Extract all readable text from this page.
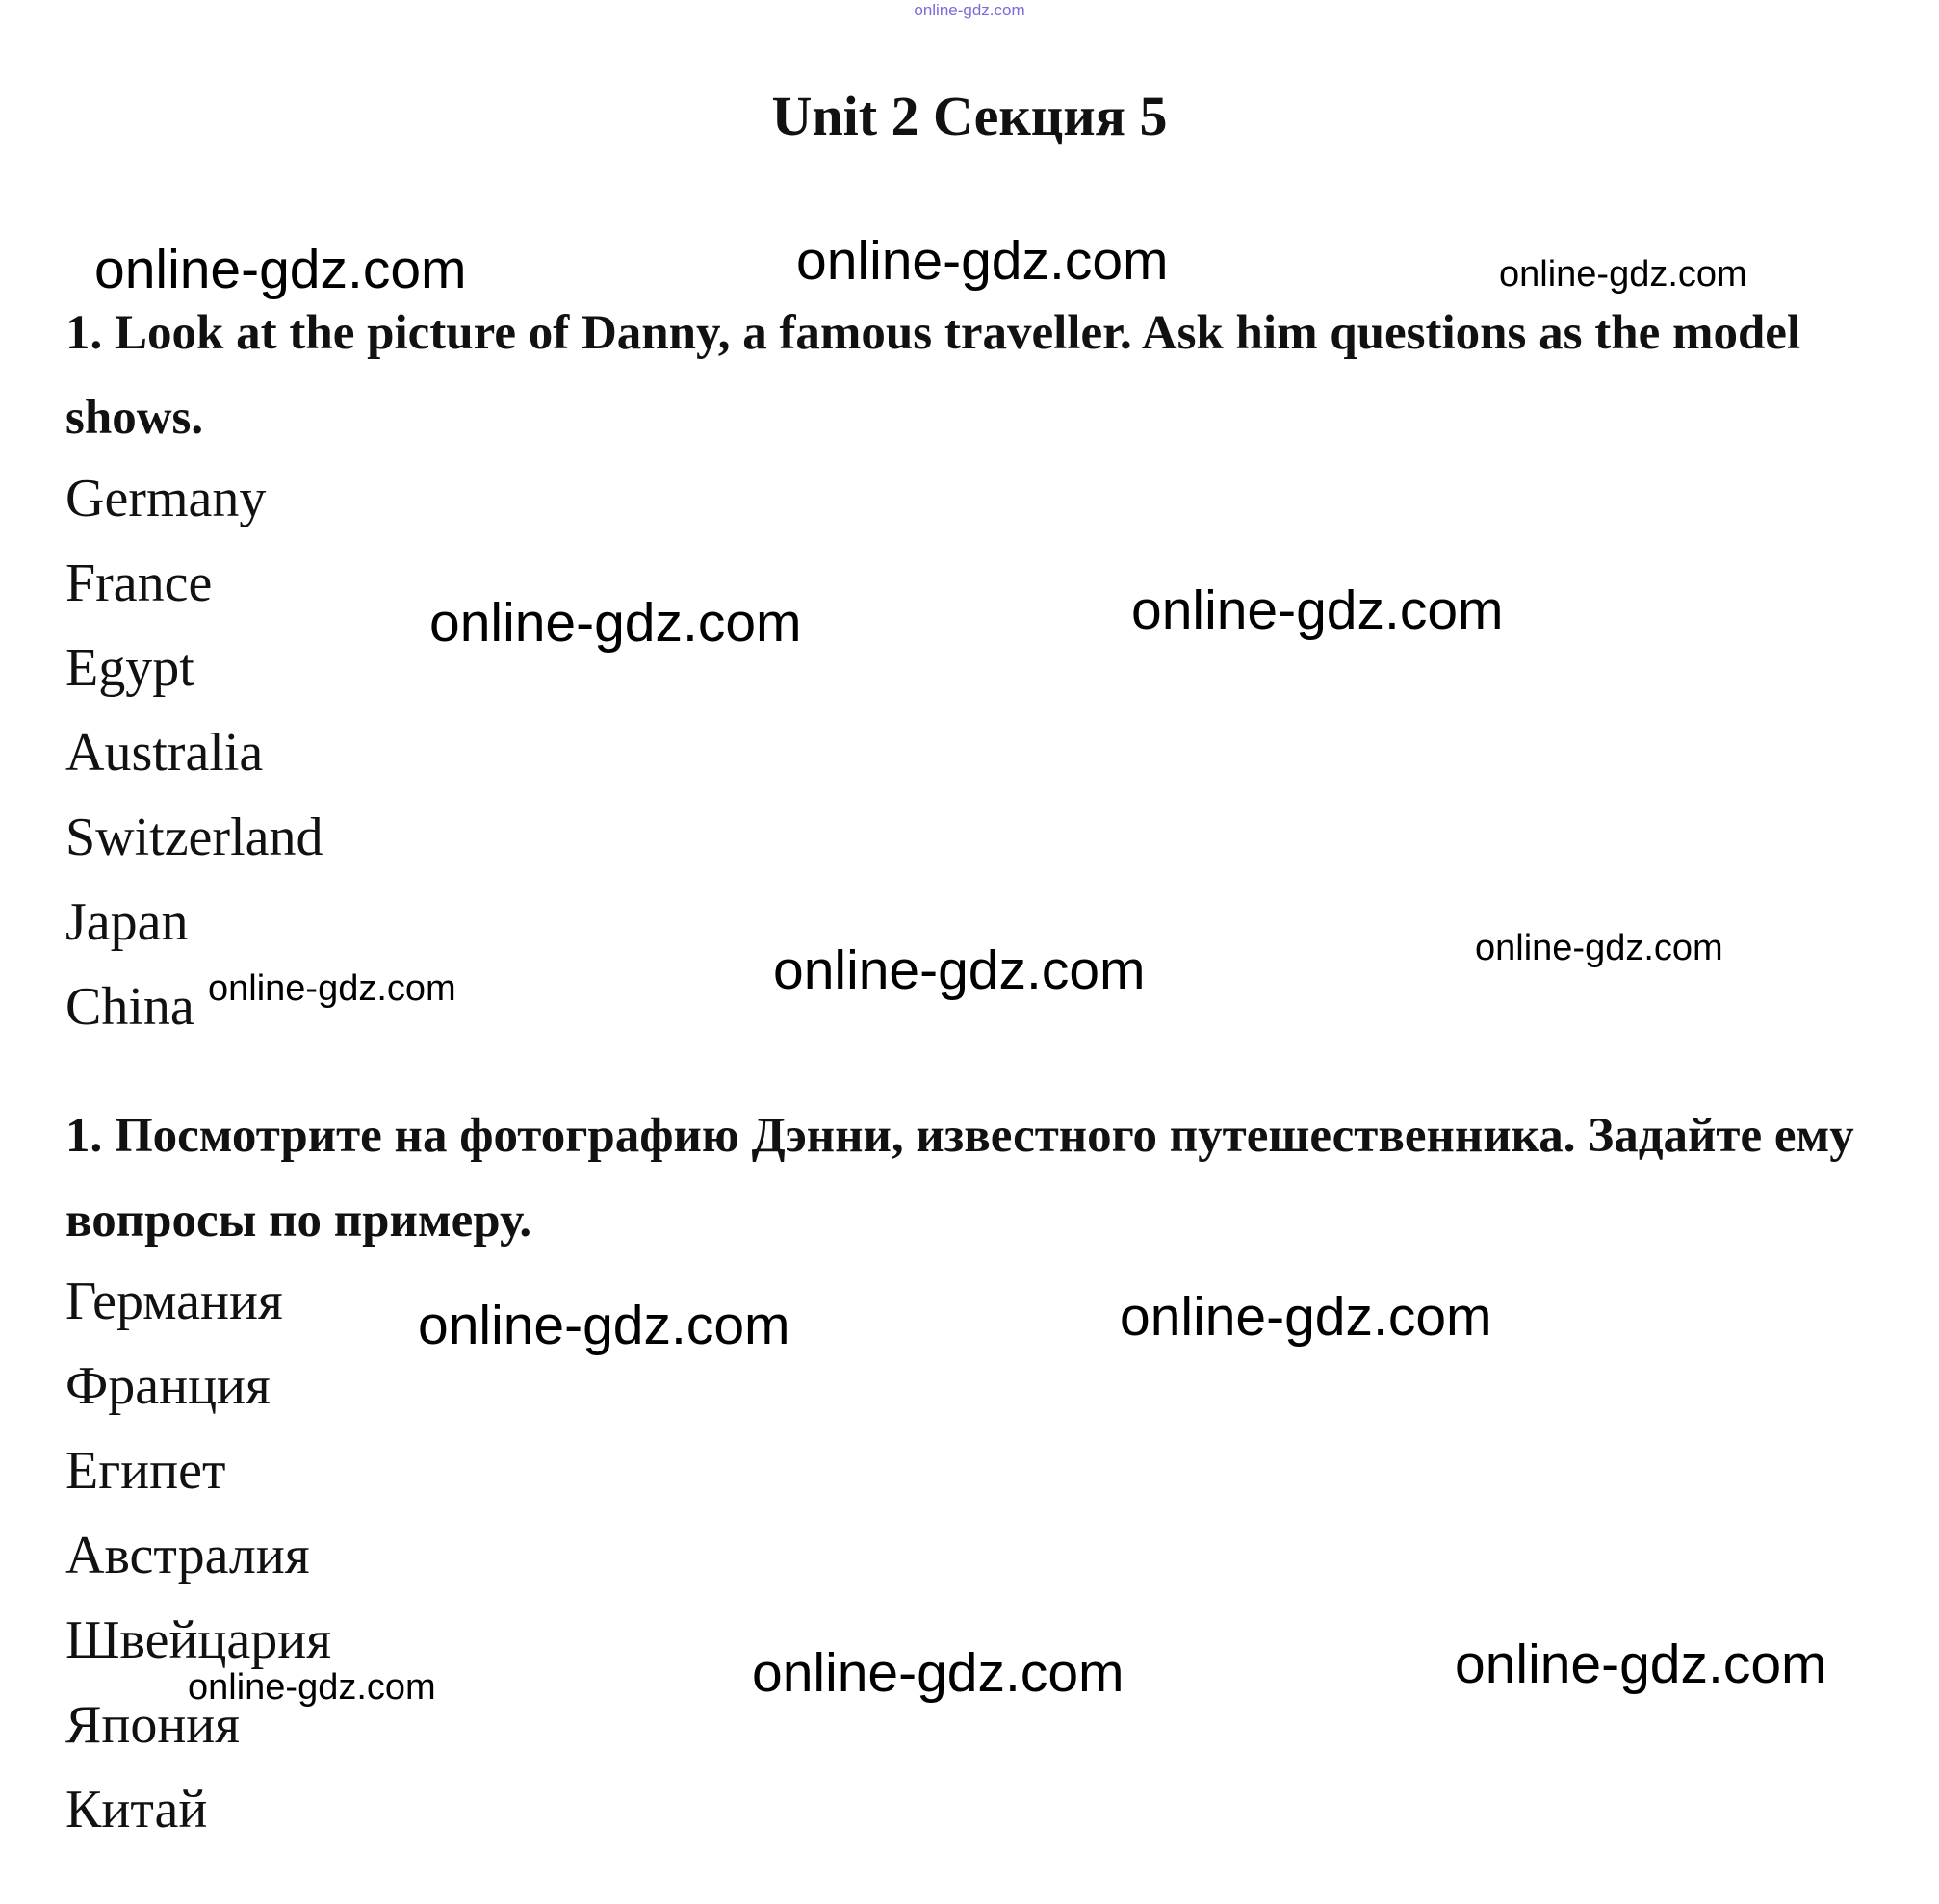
online-gdz.com
Unit 2 Секция 5
1. Look at the picture of Danny, a famous traveller. Ask him questions as the model shows.
Germany
France
Egypt
Australia
Switzerland
Japan
China
1. Посмотрите на фотографию Дэнни, известного путешественника. Задайте ему вопросы по примеру.
Германия
Франция
Египет
Австралия
Швейцария
Япония
Китай
online-gdz.com	online-gdz.com	online-gdz.com
online-gdz.com	online-gdz.com
online-gdz.com	online-gdz.com
online-gdz.com
online-gdz.com	online-gdz.com
online-gdz.com	online-gdz.com
online-gdz.com
